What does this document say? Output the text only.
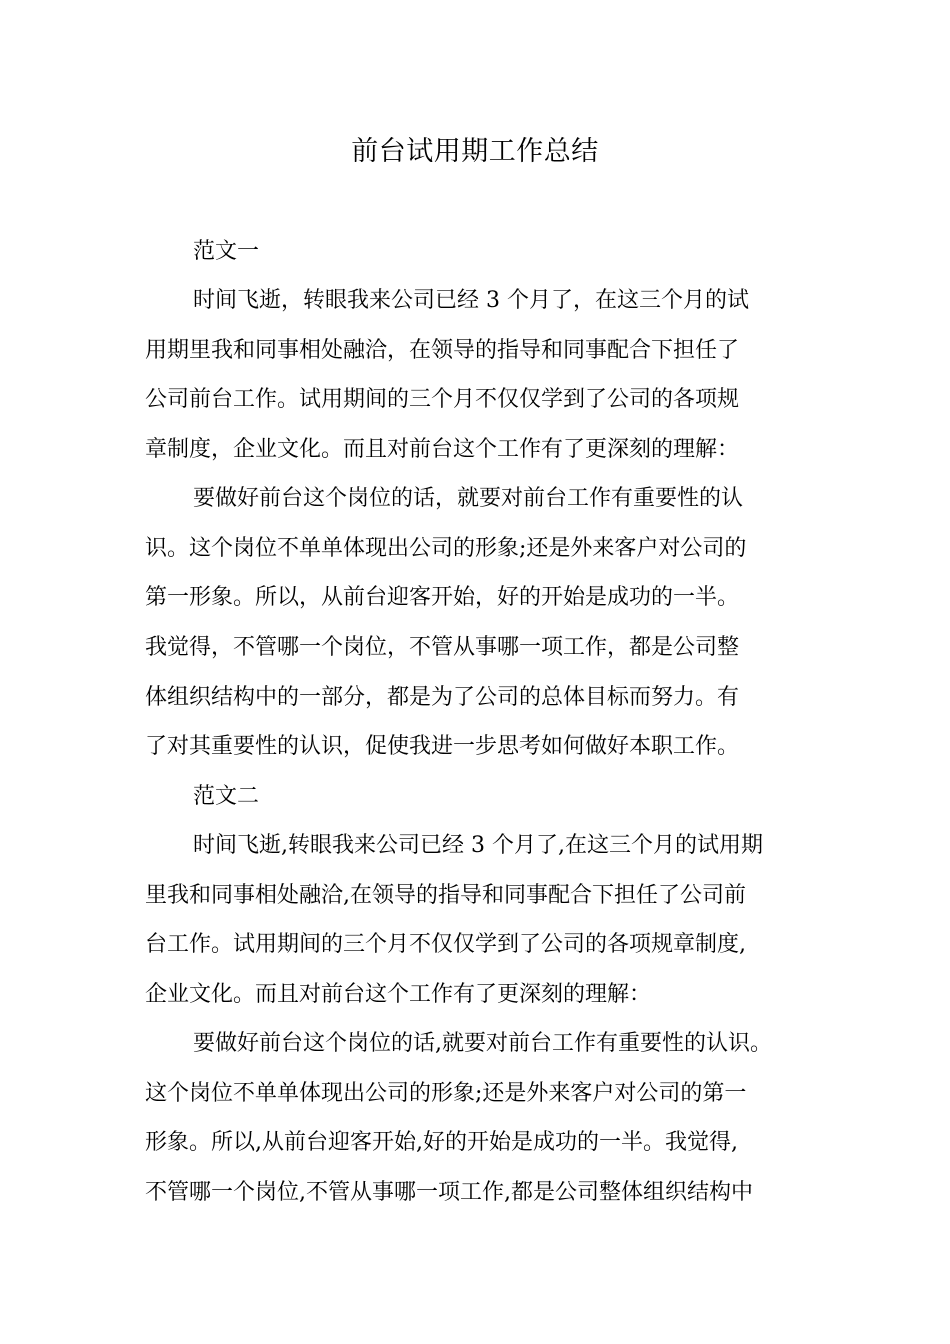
前台试用期工作总结
范文一
时间飞逝，转眼我来公司已经 3 个月了，在这三个月的试
用期里我和同事相处融洽，在领导的指导和同事配合下担任了
公司前台工作。试用期间的三个月不仅仅学到了公司的各项规
章制度，企业文化。而且对前台这个工作有了更深刻的理解：
要做好前台这个岗位的话，就要对前台工作有重要性的认
识。这个岗位不单单体现出公司的形象;还是外来客户对公司的
第一形象。所以，从前台迎客开始，好的开始是成功的一半。
我觉得，不管哪一个岗位，不管从事哪一项工作，都是公司整
体组织结构中的一部分，都是为了公司的总体目标而努力。有
了对其重要性的认识，促使我进一步思考如何做好本职工作。
范文二
时间飞逝,转眼我来公司已经 3 个月了,在这三个月的试用期
里我和同事相处融洽,在领导的指导和同事配合下担任了公司前
台工作。试用期间的三个月不仅仅学到了公司的各项规章制度,
企业文化。而且对前台这个工作有了更深刻的理解：
要做好前台这个岗位的话,就要对前台工作有重要性的认识。
这个岗位不单单体现出公司的形象;还是外来客户对公司的第一
形象。所以,从前台迎客开始,好的开始是成功的一半。我觉得,
不管哪一个岗位,不管从事哪一项工作,都是公司整体组织结构中
